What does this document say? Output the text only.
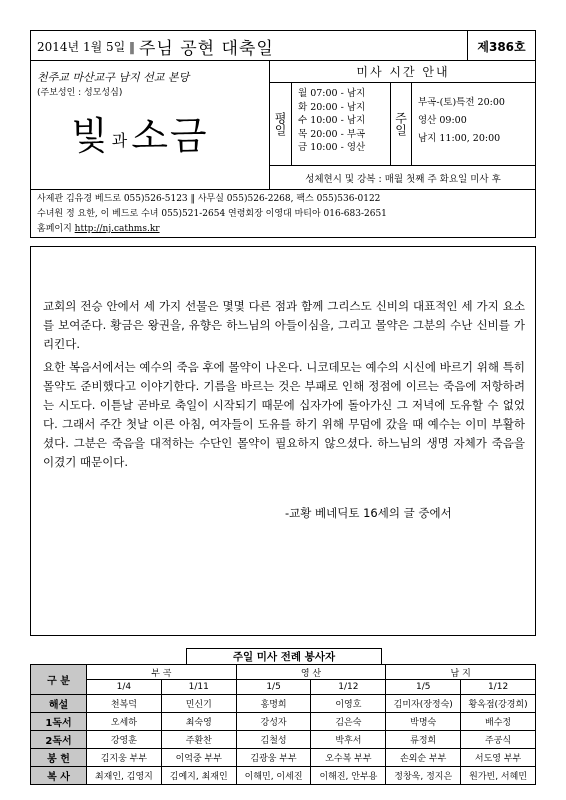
2014년 1월 5일 ‖ 주님 공현 대축일	제386호
천주교 마산교구 남지 선교 본당
(주보성인 : 성모성심)
빛과소금
미사 시간 안내
평일
월 07:00 - 남지
화 20:00 - 남지
수 10:00 - 남지
목 20:00 - 부곡
금 10:00 - 영산
주일
부곡-(토)특전 20:00
영산 09:00
남지 11:00, 20:00
성체현시 및 강복 : 매월 첫째 주 화요일 미사 후
사제관 김유경 베드로 055)526-5123 ‖ 사무실 055)526-2268, 팩스 055)536-0122
수녀원 정 요한, 이 베드로 수녀 055)521-2654 연령회장 이영대 마티아 016-683-2651
홈페이지 http://nj.cathms.kr

교회의 전승 안에서 세 가지 선물은 몇몇 다른 점과 함께 그리스도 신비의 대표적인 세 가지 요소를 보여준다. 황금은 왕권을, 유향은 하느님의 아들이심을, 그리고 몰약은 그분의 수난 신비를 가리킨다.

요한 복음서에서는 예수의 죽음 후에 몰약이 나온다. 니코데모는 예수의 시신에 바르기 위해 특히 몰약도 준비했다고 이야기한다. 기름을 바르는 것은 부패로 인해 정점에 이르는 죽음에 저항하려는 시도다. 이튿날 곧바로 축일이 시작되기 때문에 십자가에 돌아가신 그 저녁에 도유할 수 없었다. 그래서 주간 첫날 이른 아침, 여자들이 도유를 하기 위해 무덤에 갔을 때 예수는 이미 부활하셨다. 그분은 죽음을 대적하는 수단인 몰약이 필요하지 않으셨다. 하느님의 생명 자체가 죽음을 이겼기 때문이다.

-교황 베네딕토 16세의 글 중에서
주일 미사 전례 봉사자
구 분	부 곡		영 산		남 지	
	1/4	1/11	1/5	1/12	1/5	1/12
해설	천복덕	민신기	홍명희	이영호	김미자(장정숙)	황옥점(강경희)
1독서	오세하	최숙영	강성자	김은숙	박명숙	배수정
2독서	강영훈	주환찬	김철성	박후서	류정희	주공식
봉 헌	김지웅 부부	이억중 부부	김광웅 부부	오수복 부부	손외순 부부	서도영 부부
복 사	최재인, 김영지	김예지, 최재인	이해민, 이세진	이해진, 안부용	정창욱, 정지은	원가빈, 서혜민
